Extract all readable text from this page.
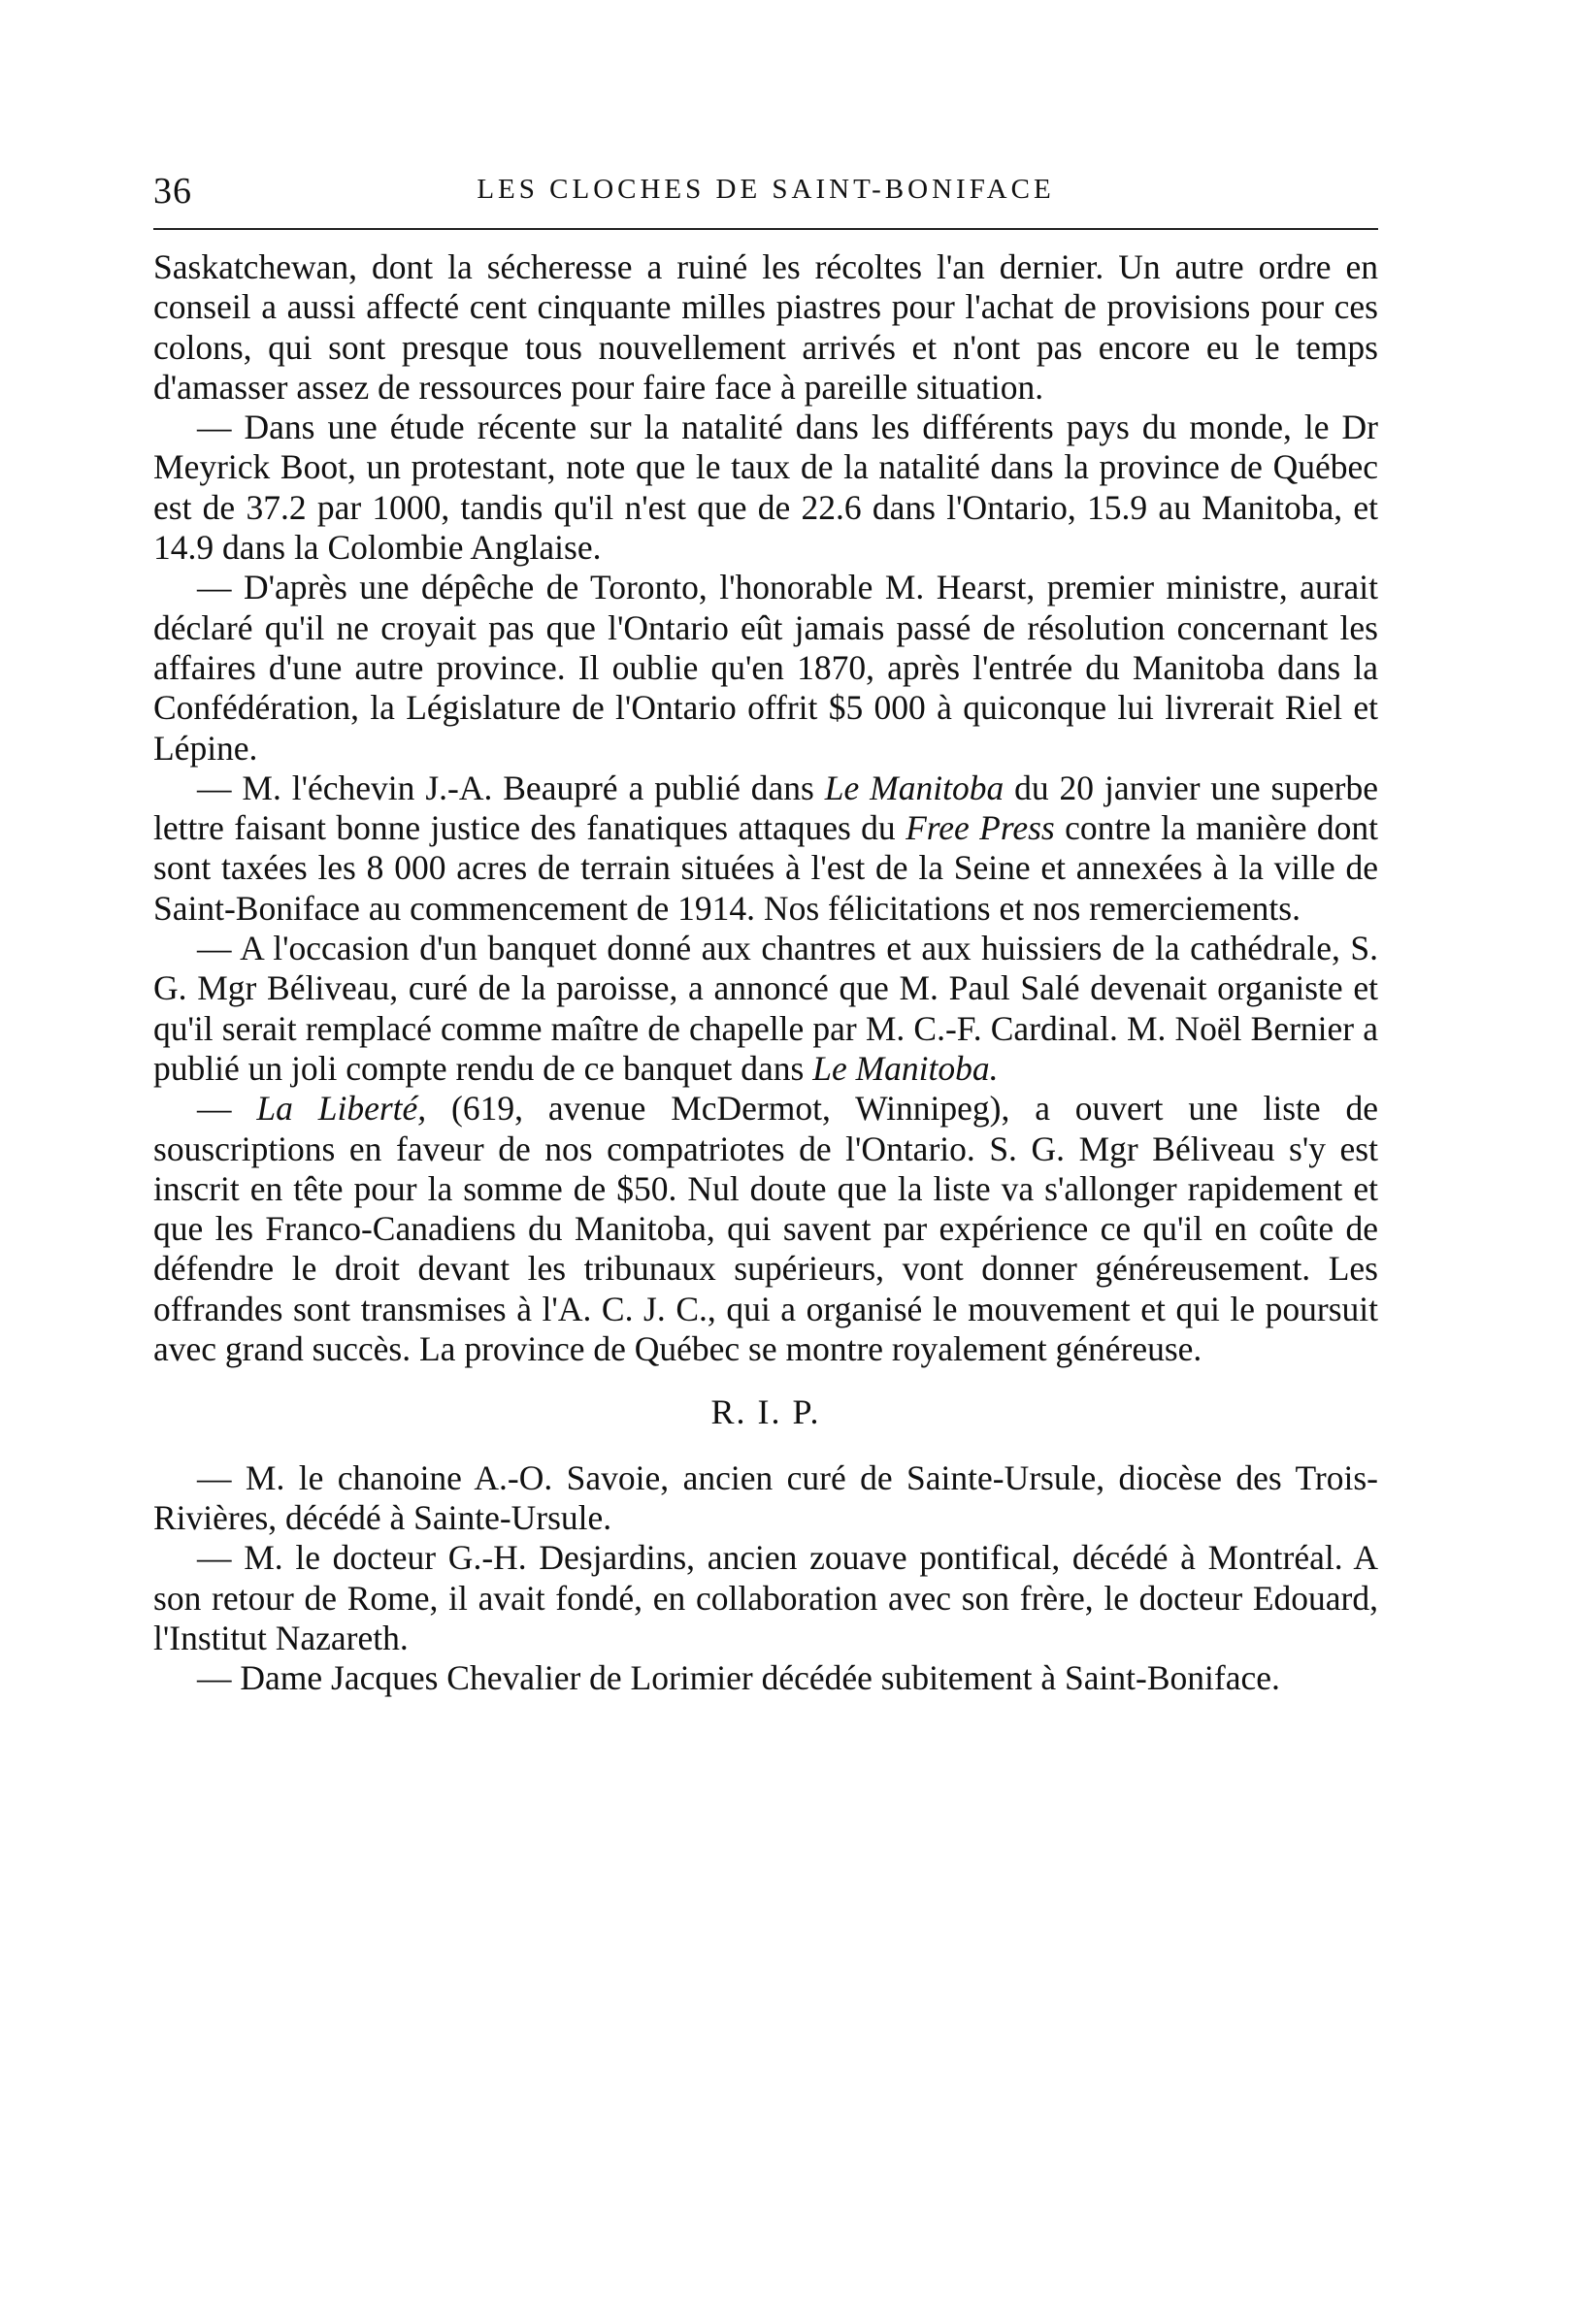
36	LES CLOCHES DE SAINT-BONIFACE

Saskatchewan, dont la sécheresse a ruiné les récoltes l'an dernier. Un autre ordre en conseil a aussi affecté cent cinquante milles piastres pour l'achat de provisions pour ces colons, qui sont presque tous nouvellement arrivés et n'ont pas encore eu le temps d'amasser assez de ressources pour faire face à pareille situation.

— Dans une étude récente sur la natalité dans les différents pays du monde, le Dr Meyrick Boot, un protestant, note que le taux de la natalité dans la province de Québec est de 37.2 par 1000, tandis qu'il n'est que de 22.6 dans l'Ontario, 15.9 au Manitoba, et 14.9 dans la Colombie Anglaise.

— D'après une dépêche de Toronto, l'honorable M. Hearst, premier ministre, aurait déclaré qu'il ne croyait pas que l'Ontario eût jamais passé de résolution concernant les affaires d'une autre province. Il oublie qu'en 1870, après l'entrée du Manitoba dans la Confédération, la Législature de l'Ontario offrit $5 000 à quiconque lui livrerait Riel et Lépine.

— M. l'échevin J.-A. Beaupré a publié dans Le Manitoba du 20 janvier une superbe lettre faisant bonne justice des fanatiques attaques du Free Press contre la manière dont sont taxées les 8 000 acres de terrain situées à l'est de la Seine et annexées à la ville de Saint-Boniface au commencement de 1914. Nos félicitations et nos remerciements.

— A l'occasion d'un banquet donné aux chantres et aux huissiers de la cathédrale, S. G. Mgr Béliveau, curé de la paroisse, a annoncé que M. Paul Salé devenait organiste et qu'il serait remplacé comme maître de chapelle par M. C.-F. Cardinal. M. Noël Bernier a publié un joli compte rendu de ce banquet dans Le Manitoba.

— La Liberté, (619, avenue McDermot, Winnipeg), a ouvert une liste de souscriptions en faveur de nos compatriotes de l'Ontario. S. G. Mgr Béliveau s'y est inscrit en tête pour la somme de $50. Nul doute que la liste va s'allonger rapidement et que les Franco-Canadiens du Manitoba, qui savent par expérience ce qu'il en coûte de défendre le droit devant les tribunaux supérieurs, vont donner généreusement. Les offrandes sont transmises à l'A. C. J. C., qui a organisé le mouvement et qui le poursuit avec grand succès. La province de Québec se montre royalement généreuse.

R. I. P.

— M. le chanoine A.-O. Savoie, ancien curé de Sainte-Ursule, diocèse des Trois-Rivières, décédé à Sainte-Ursule.

— M. le docteur G.-H. Desjardins, ancien zouave pontifical, décédé à Montréal. A son retour de Rome, il avait fondé, en collaboration avec son frère, le docteur Edouard, l'Institut Nazareth.

— Dame Jacques Chevalier de Lorimier décédée subitement à Saint-Boniface.
